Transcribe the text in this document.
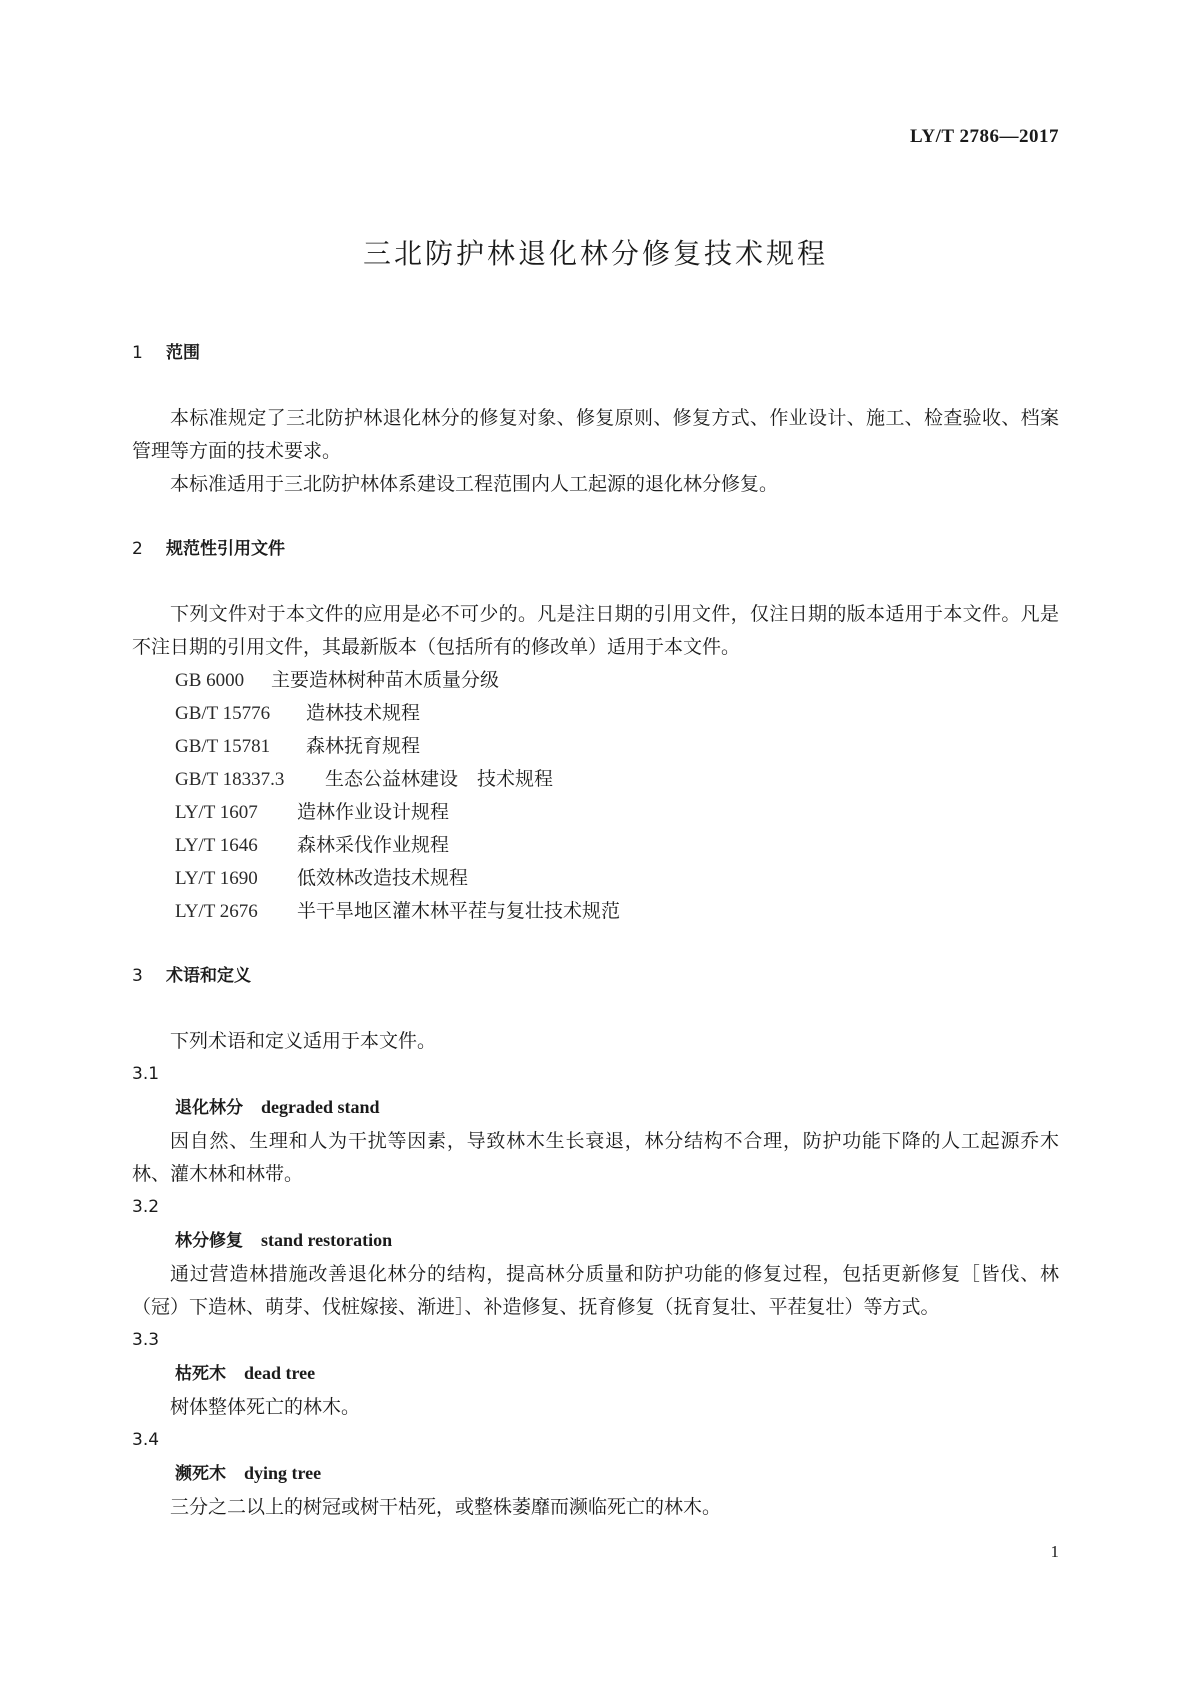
LY/T 2786—2017
三北防护林退化林分修复技术规程
1 范围

本标准规定了三北防护林退化林分的修复对象、修复原则、修复方式、作业设计、施工、检查验收、档案管理等方面的技术要求。

本标准适用于三北防护林体系建设工程范围内人工起源的退化林分修复。

2 规范性引用文件

下列文件对于本文件的应用是必不可少的。凡是注日期的引用文件，仅注日期的版本适用于本文件。凡是不注日期的引用文件，其最新版本（包括所有的修改单）适用于本文件。

GB 6000 主要造林树种苗木质量分级

GB/T 15776 造林技术规程

GB/T 15781 森林抚育规程

GB/T 18337.3 生态公益林建设　技术规程

LY/T 1607 造林作业设计规程

LY/T 1646 森林采伐作业规程

LY/T 1690 低效林改造技术规程

LY/T 2676 半干旱地区灌木林平茬与复壮技术规范

3 术语和定义

下列术语和定义适用于本文件。

3.1

退化林分 degraded stand

因自然、生理和人为干扰等因素，导致林木生长衰退，林分结构不合理，防护功能下降的人工起源乔木林、灌木林和林带。

3.2

林分修复 stand restoration

通过营造林措施改善退化林分的结构，提高林分质量和防护功能的修复过程，包括更新修复［皆伐、林（冠）下造林、萌芽、伐桩嫁接、渐进］、补造修复、抚育修复（抚育复壮、平茬复壮）等方式。

3.3

枯死木 dead tree

树体整体死亡的林木。

3.4

濒死木 dying tree

三分之二以上的树冠或树干枯死，或整株萎靡而濒临死亡的林木。

1
